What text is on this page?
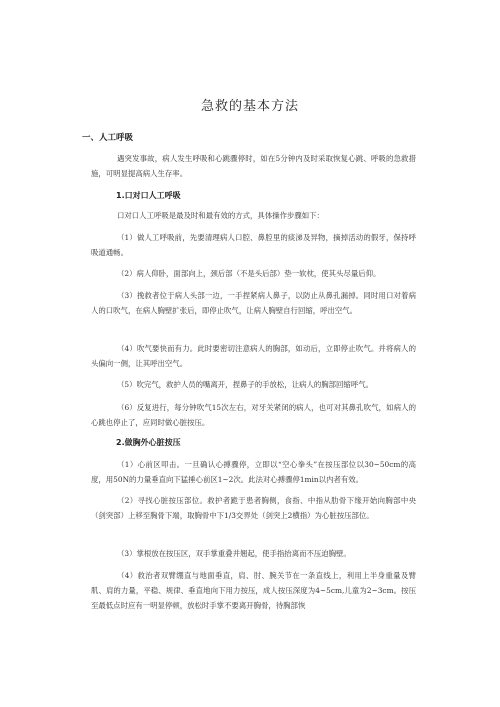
急救的基本方法
一、人工呼吸

遇突发事故，病人发生呼吸和心跳骤停时，如在5分钟内及时采取恢复心跳、呼吸的急救措施，可明显提高病人生存率。

1.口对口人工呼吸

口对口人工呼吸是最及时和最有效的方式，具体操作步骤如下：

（1）做人工呼吸前，先要清理病人口腔、鼻腔里的痰涕及异物，摘掉活动的假牙，保持呼吸道通畅。

（2）病人仰卧，面部向上，颈后部（不是头后部）垫一软枕，使其头尽量后仰。

（3）挽救者位于病人头部一边，一手捏紧病人鼻子，以防止从鼻孔漏掉。同时用口对着病人的口吹气，在病人胸壁扩张后，即停止吹气，让病人胸壁自行回缩，呼出空气。

（4）吹气要快而有力。此时要密切注意病人的胸部，如动后，立即停止吹气。并将病人的头偏向一侧，让其呼出空气。

（5）吹完气，救护人员的嘴离开，捏鼻子的手放松，让病人的胸部回缩呼气。

（6）反复进行，每分钟吹气15次左右，对牙关紧闭的病人，也可对其鼻孔吹气，如病人的心跳也停止了，应同时做心脏按压。

2.做胸外心脏按压

（1）心前区叩击。一旦确认心搏骤停，立即以“空心拳头”在按压部位以30~50cm的高度，用50N的力量垂直向下猛捶心前区1~2次。此法对心搏骤停1min以内者有效。

（2）寻找心脏按压部位。救护者跪于患者胸侧，食指、中指从肋骨下缘开始向胸部中央（剑突部）上移至胸骨下端，取胸骨中下1/3交界处（剑突上2横指）为心脏按压部位。

（3）掌根放在按压区，双手掌重叠并翘起，使手指抬离而不压迫胸壁。

（4）救治者双臂绷直与地面垂直，肩、肘、腕关节在一条直线上，利用上半身重量及臂肌、肩的力量，平稳、规律、垂直地向下用力按压，成人按压深度为4~5cm,儿童为2~3cm。按压至最低点时应有一明显停顿，放松时手掌不要离开胸骨，待胸部恢
